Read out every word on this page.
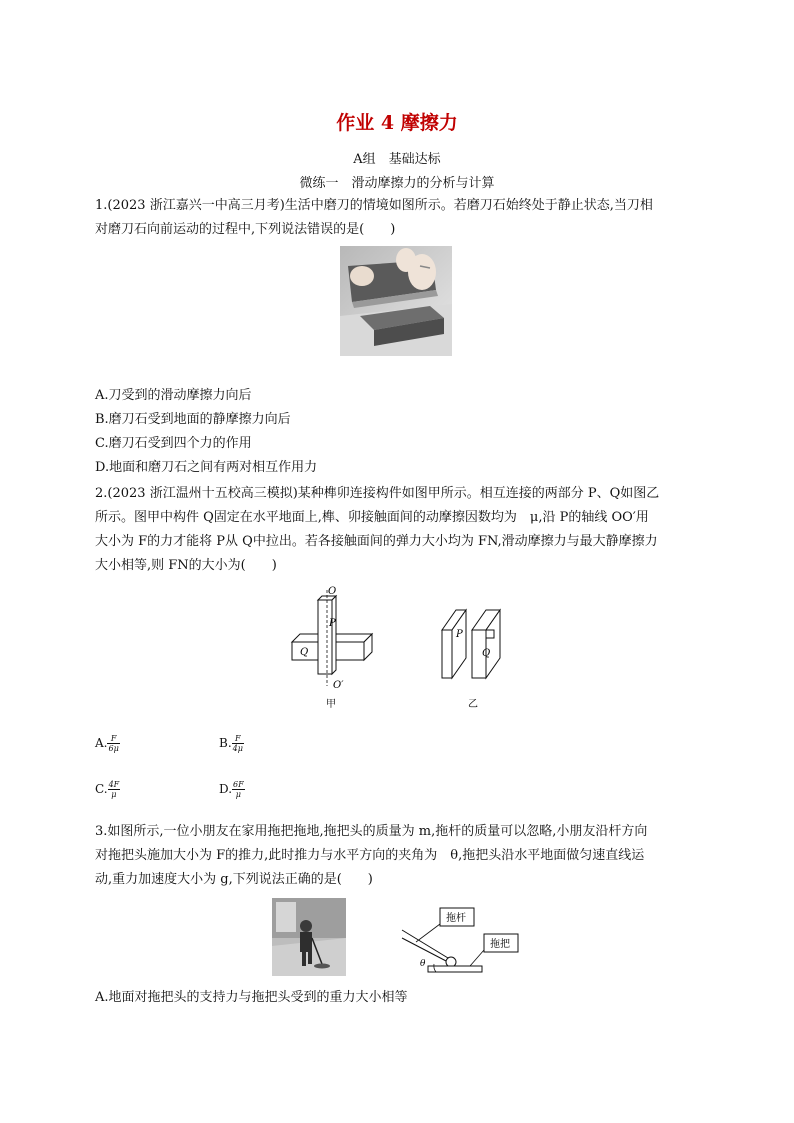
作业 4 摩擦力
A组　基础达标
微练一　滑动摩擦力的分析与计算
1.(2023 浙江嘉兴一中高三月考)生活中磨刀的情境如图所示。若磨刀石始终处于静止状态,当刀相
对磨刀石向前运动的过程中,下列说法错误的是(　　)
A.刀受到的滑动摩擦力向后
B.磨刀石受到地面的静摩擦力向后
C.磨刀石受到四个力的作用
D.地面和磨刀石之间有两对相互作用力
2.(2023 浙江温州十五校高三模拟)某种榫卯连接构件如图甲所示。相互连接的两部分 P、Q如图乙
所示。图甲中构件 Q固定在水平地面上,榫、卯接触面间的动摩擦因数均为　μ,沿 P的轴线 OO′用
大小为 F的力才能将 P从 Q中拉出。若各接触面间的弹力大小均为 FN,滑动摩擦力与最大静摩擦力
大小相等,则 FN的大小为(　　)
O
P
Q
O′
甲
P
Q
乙
A. $\frac{F}{6\mu}$	B. $\frac{F}{4\mu}$
C. $\frac{4F}{\mu}$	D. $\frac{6F}{\mu}$
3.如图所示,一位小朋友在家用拖把拖地,拖把头的质量为 m,拖杆的质量可以忽略,小朋友沿杆方向
对拖把头施加大小为 F的推力,此时推力与水平方向的夹角为　θ,拖把头沿水平地面做匀速直线运
动,重力加速度大小为 g,下列说法正确的是(　　)
θ
拖杆
拖把
A.地面对拖把头的支持力与拖把头受到的重力大小相等
